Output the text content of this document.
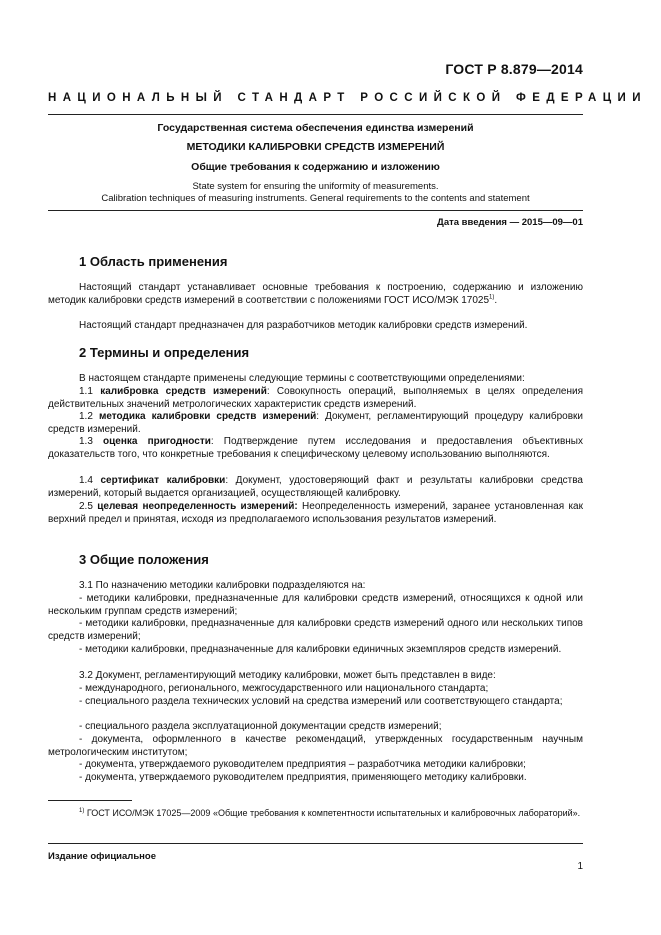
ГОСТ Р 8.879—2014
НАЦИОНАЛЬНЫЙ СТАНДАРТ РОССИЙСКОЙ ФЕДЕРАЦИИ
Государственная система обеспечения единства измерений
МЕТОДИКИ КАЛИБРОВКИ СРЕДСТВ ИЗМЕРЕНИЙ
Общие требования к содержанию и изложению
State system for ensuring the uniformity of measurements.
Calibration techniques of measuring instruments. General requirements to the contents and statement
Дата введения — 2015—09—01
1 Область применения
Настоящий стандарт устанавливает основные требования к построению, содержанию и изложению методик калибровки средств измерений в соответствии с положениями ГОСТ ИСО/МЭК 17025$^{1)}$.
Настоящий стандарт предназначен для разработчиков методик калибровки средств измерений.
2 Термины и определения
В настоящем стандарте применены следующие термины с соответствующими определениями:
1.1 калибровка средств измерений: Совокупность операций, выполняемых в целях определения действительных значений метрологических характеристик средств измерений.
1.2 методика калибровки средств измерений: Документ, регламентирующий процедуру калибровки средств измерений.
1.3 оценка пригодности: Подтверждение путем исследования и предоставления объективных доказательств того, что конкретные требования к специфическому целевому использованию выполняются.
1.4 сертификат калибровки: Документ, удостоверяющий факт и результаты калибровки средства измерений, который выдается организацией, осуществляющей калибровку.
2.5 целевая неопределенность измерений: Неопределенность измерений, заранее установленная как верхний предел и принятая, исходя из предполагаемого использования результатов измерений.
3 Общие положения
3.1 По назначению методики калибровки подразделяются на:
- методики калибровки, предназначенные для калибровки средств измерений, относящихся к одной или нескольким группам средств измерений;
- методики калибровки, предназначенные для калибровки средств измерений одного или нескольких типов средств измерений;
- методики калибровки, предназначенные для калибровки единичных экземпляров средств измерений.
3.2 Документ, регламентирующий методику калибровки, может быть представлен в виде:
- международного, регионального, межгосударственного или национального стандарта;
- специального раздела технических условий на средства измерений или соответствующего стандарта;
- специального раздела эксплуатационной документации средств измерений;
- документа, оформленного в качестве рекомендаций, утвержденных государственным научным метрологическим институтом;
- документа, утверждаемого руководителем предприятия – разработчика методики калибровки;
- документа, утверждаемого руководителем предприятия, применяющего методику калибровки.
$^{1)}$ ГОСТ ИСО/МЭК 17025—2009 «Общие требования к компетентности испытательных и калибровочных лабораторий».
Издание официальное
1
